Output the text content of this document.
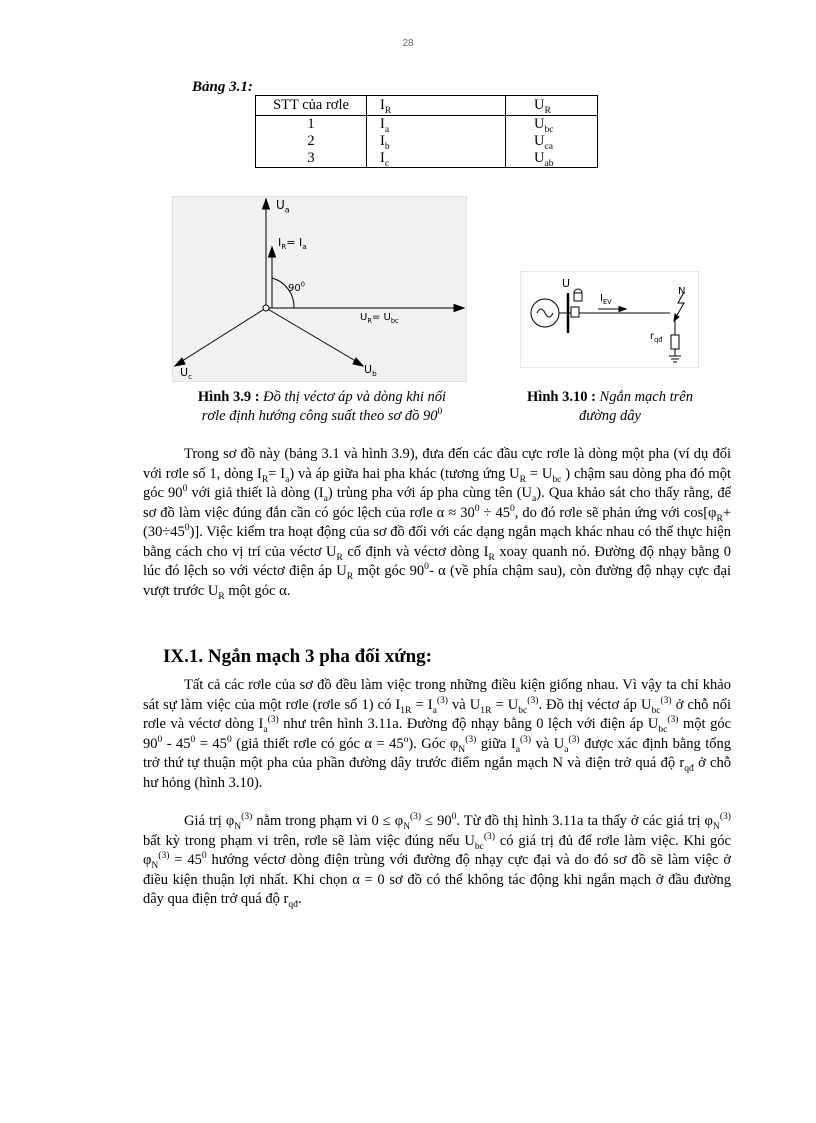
28
Bảng 3.1:
STT của rơle	$I_R$	$U_R$
1	$I_a$	$U_{bc}$
2	$I_b$	$U_{ca}$
3	$I_c$	$U_{ab}$
$U_a$
$I_R= I_a$
$90^0$
$U_R= U_{bc}$
$U_c$
$U_b$
Hình 3.9 : Đồ thị véctơ áp và dòng khi nối
rơle định hướng công suất theo sơ đồ $90^0$
U
$I_{EV}$
N
$r_{qđ}$
Hình 3.10 : Ngắn mạch trên
đường dây

Trong sơ đồ này (bảng 3.1 và hình 3.9), đưa đến các đầu cực rơle là dòng một pha (ví dụ đối với rơle số 1, dòng $I_R= I_a$) và áp giữa hai pha khác (tương ứng $U_R = U_{bc}$ ) chậm sau dòng pha đó một góc $90^0$ với giả thiết là dòng $(I_a)$ trùng pha với áp pha cùng tên $(U_a)$. Qua khảo sát cho thấy rằng, để sơ đồ làm việc đúng đắn cần có góc lệch của rơle $\alpha \approx 30^0 \div 45^0$, do đó rơle sẽ phản ứng với $\cos[\varphi_R+ (30\div 45^0)]$. Việc kiểm tra hoạt động của sơ đồ đối với các dạng ngắn mạch khác nhau có thể thực hiện bằng cách cho vị trí của véctơ $U_R$ cố định và véctơ dòng $I_R$ xoay quanh nó. Đường độ nhạy bằng 0 lúc đó lệch so với véctơ điện áp $U_R$ một góc $90^0-$ α (về phía chậm sau), còn đường độ nhạy cực đại vượt trước $U_R$ một góc α.

IX.1. Ngắn mạch 3 pha đối xứng:

Tất cả các rơle của sơ đồ đều làm việc trong những điều kiện giống nhau. Vì vậy ta chỉ khảo sát sự làm việc của một rơle (rơle số 1) có $I_{1R} = I_a^{(3)}$ và $U_{1R} = U_{bc}^{(3)}$. Đồ thị véctơ áp $U_{bc}^{(3)}$ ở chỗ nối rơle và véctơ dòng $I_a^{(3)}$ như trên hình 3.11a. Đường độ nhạy bằng 0 lệch với điện áp $U_{bc}^{(3)}$ một góc $90^0 - 45^0 = 45^0$ (giả thiết rơle có góc $\alpha = 45^o$). Góc $\varphi_N^{(3)}$ giữa $I_a^{(3)}$ và $U_a^{(3)}$ được xác định bằng tổng trở thứ tự thuận một pha của phần đường dây trước điểm ngắn mạch N và điện trở quá độ $r_{qđ}$ ở chỗ hư hỏng (hình 3.10).

Giá trị $\varphi_N^{(3)}$ nằm trong phạm vi $0 \le \varphi_N^{(3)} \le 90^0$. Từ đồ thị hình 3.11a ta thấy ở các giá trị $\varphi_N^{(3)}$ bất kỳ trong phạm vi trên, rơle sẽ làm việc đúng nếu $U_{bc}^{(3)}$ có giá trị đủ để rơle làm việc. Khi góc $\varphi_N^{(3)} = 45^0$ hướng véctơ dòng điện trùng với đường độ nhạy cực đại và do đó sơ đồ sẽ làm việc ở điều kiện thuận lợi nhất. Khi chọn α = 0 sơ đồ có thể không tác động khi ngắn mạch ở đầu đường dây qua điện trở quá độ $r_{qđ}$.
